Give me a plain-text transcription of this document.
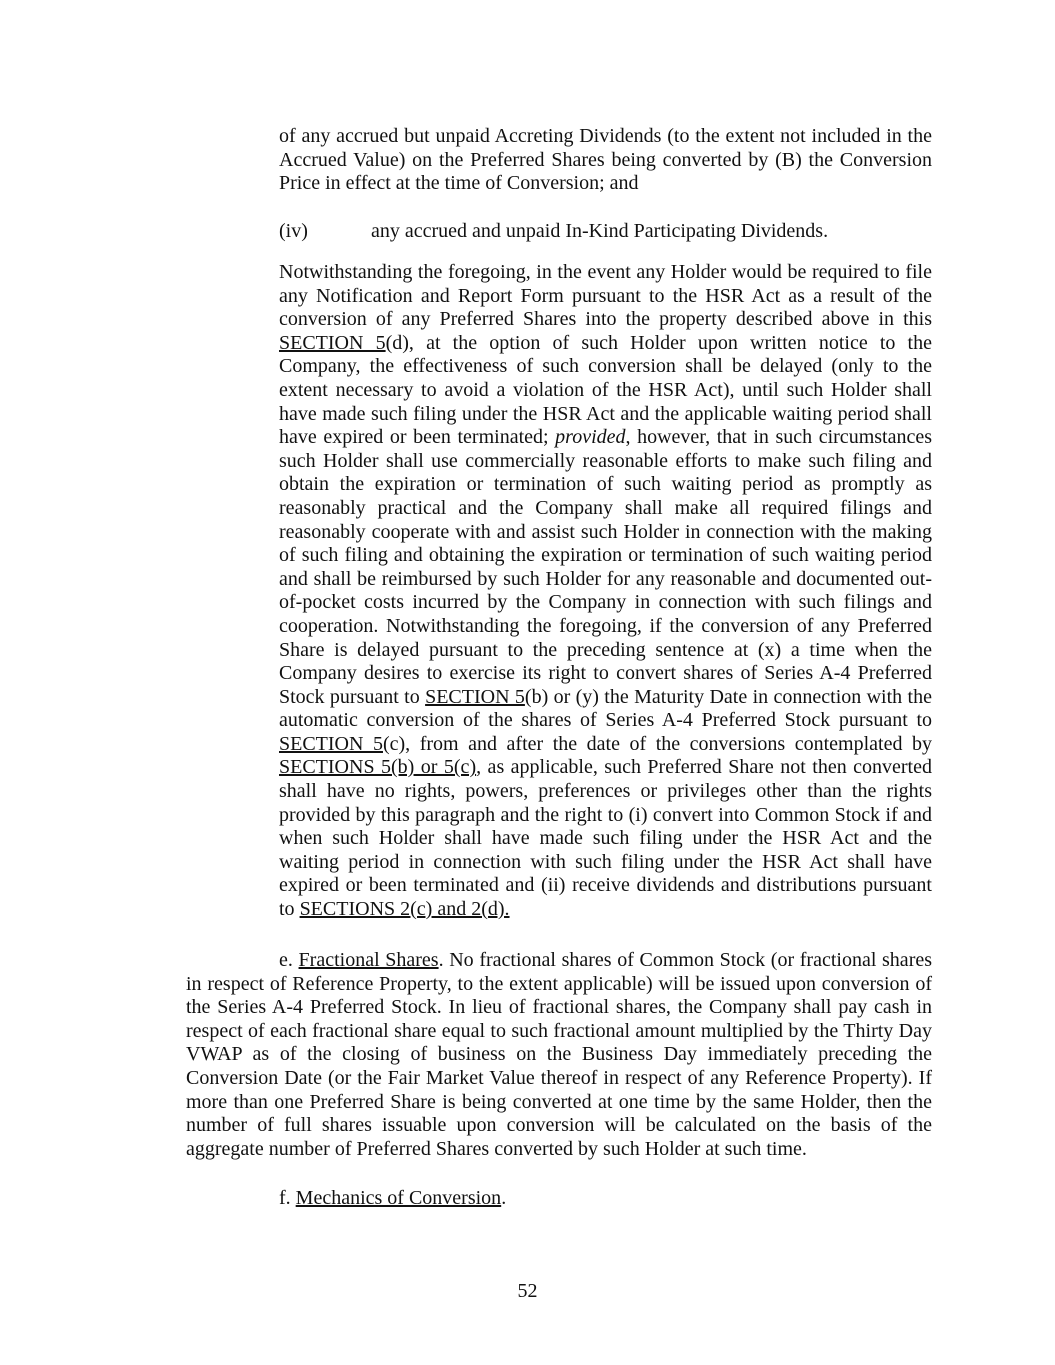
of any accrued but unpaid Accreting Dividends (to the extent not included in the Accrued Value) on the Preferred Shares being converted by (B) the Conversion Price in effect at the time of Conversion; and

(iv)	any accrued and unpaid In-Kind Participating Dividends.

Notwithstanding the foregoing, in the event any Holder would be required to file any Notification and Report Form pursuant to the HSR Act as a result of the conversion of any Preferred Shares into the property described above in this SECTION 5(d), at the option of such Holder upon written notice to the Company, the effectiveness of such conversion shall be delayed (only to the extent necessary to avoid a violation of the HSR Act), until such Holder shall have made such filing under the HSR Act and the applicable waiting period shall have expired or been terminated; provided, however, that in such circumstances such Holder shall use commercially reasonable efforts to make such filing and obtain the expiration or termination of such waiting period as promptly as reasonably practical and the Company shall make all required filings and reasonably cooperate with and assist such Holder in connection with the making of such filing and obtaining the expiration or termination of such waiting period and shall be reimbursed by such Holder for any reasonable and documented out-of-pocket costs incurred by the Company in connection with such filings and cooperation. Notwithstanding the foregoing, if the conversion of any Preferred Share is delayed pursuant to the preceding sentence at (x) a time when the Company desires to exercise its right to convert shares of Series A-4 Preferred Stock pursuant to SECTION 5(b) or (y) the Maturity Date in connection with the automatic conversion of the shares of Series A-4 Preferred Stock pursuant to SECTION 5(c), from and after the date of the conversions contemplated by SECTIONS 5(b) or 5(c), as applicable, such Preferred Share not then converted shall have no rights, powers, preferences or privileges other than the rights provided by this paragraph and the right to (i) convert into Common Stock if and when such Holder shall have made such filing under the HSR Act and the waiting period in connection with such filing under the HSR Act shall have expired or been terminated and (ii) receive dividends and distributions pursuant to SECTIONS 2(c) and 2(d).

e. Fractional Shares. No fractional shares of Common Stock (or fractional shares in respect of Reference Property, to the extent applicable) will be issued upon conversion of the Series A-4 Preferred Stock. In lieu of fractional shares, the Company shall pay cash in respect of each fractional share equal to such fractional amount multiplied by the Thirty Day VWAP as of the closing of business on the Business Day immediately preceding the Conversion Date (or the Fair Market Value thereof in respect of any Reference Property). If more than one Preferred Share is being converted at one time by the same Holder, then the number of full shares issuable upon conversion will be calculated on the basis of the aggregate number of Preferred Shares converted by such Holder at such time.

f. Mechanics of Conversion.

52
